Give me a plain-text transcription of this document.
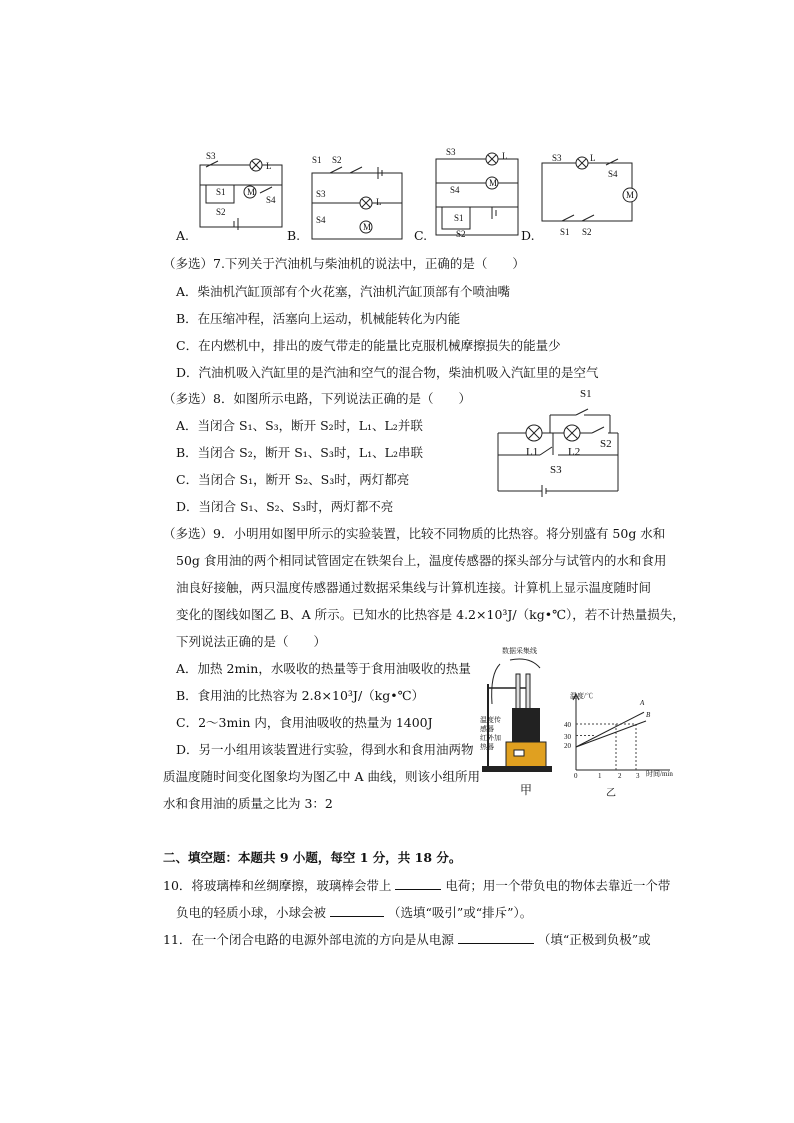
S3
L
S1 M
S4
S2
S1 S2
S3
L
S4
M
S3	L
S4
M
S1
S2
S3	L
S4
M
S1 S2
A.	B.	C.	D.
（多选）7.下列关于汽油机与柴油机的说法中，正确的是（　　）
A．柴油机汽缸顶部有个火花塞，汽油机汽缸顶部有个喷油嘴
B．在压缩冲程，活塞向上运动，机械能转化为内能
C．在内燃机中，排出的废气带走的能量比克服机械摩擦损失的能量少
D．汽油机吸入汽缸里的是汽油和空气的混合物，柴油机吸入汽缸里的是空气
（多选）8．如图所示电路，下列说法正确的是（　　）
A．当闭合 S₁、S₃，断开 S₂时，L₁、L₂并联
B．当闭合 S₂，断开 S₁、S₃时，L₁、L₂串联
C．当闭合 S₁，断开 S₂、S₃时，两灯都亮
D．当闭合 S₁、S₂、S₃时，两灯都不亮
S1
L1	L2
S2
S3
（多选）9．小明用如图甲所示的实验装置，比较不同物质的比热容。将分别盛有 50g 水和
50g 食用油的两个相同试管固定在铁架台上，温度传感器的探头部分与试管内的水和食用
油良好接触，两只温度传感器通过数据采集线与计算机连接。计算机上显示温度随时间
变化的图线如图乙 B、A 所示。已知水的比热容是 4.2×10³J/（kg•℃），若不计热量损失，
下列说法正确的是（　　）
A．加热 2min，水吸收的热量等于食用油吸收的热量
B．食用油的比热容为 2.8×10³J/（kg•℃）
C．2～3min 内，食用油吸收的热量为 1400J
D．另一小组用该装置进行实验，得到水和食用油两物
质温度随时间变化图象均为图乙中 A 曲线，则该小组所用
水和食用油的质量之比为 3：2
数据采集线
温度传
感器
红外加
热器
甲
温度/℃
时间/min
40
30
20
0	1 2 3
A
B
乙
二、填空题：本题共 9 小题，每空 1 分，共 18 分。
10．将玻璃棒和丝绸摩擦，玻璃棒会带上	电荷；用一个带负电的物体去靠近一个带
负电的轻质小球，小球会被	（选填“吸引”或“排斥”）。
11．在一个闭合电路的电源外部电流的方向是从电源	（填“正极到负极”或
